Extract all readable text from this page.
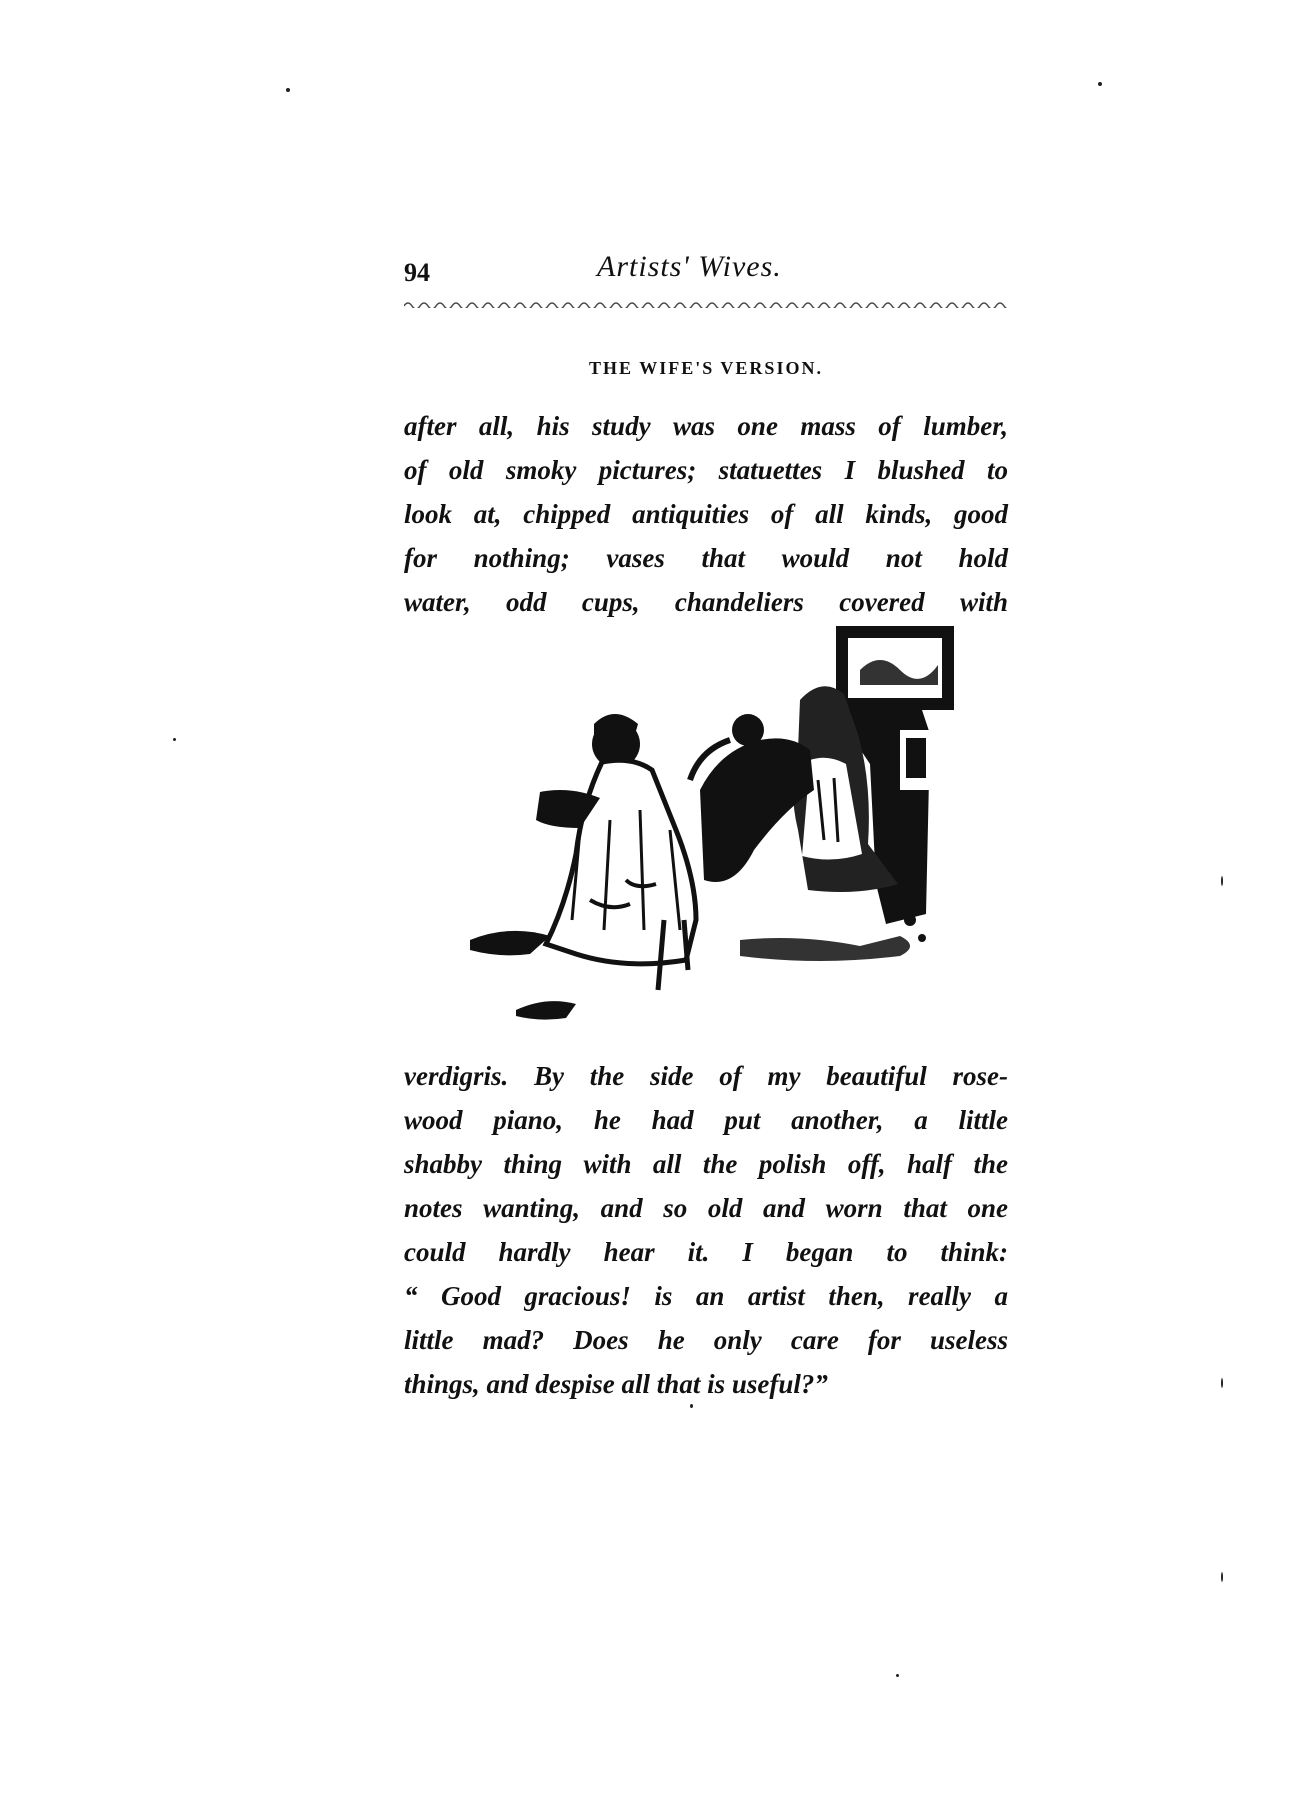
94	Artists' Wives.
THE WIFE'S VERSION.

after all, his study was one mass of lumber,
of old smoky pictures; statuettes I blushed to
look at, chipped antiquities of all kinds, good
for nothing; vases that would not hold
water, odd cups, chandeliers covered with

verdigris. By the side of my beautiful rose-
wood piano, he had put another, a little
shabby thing with all the polish off, half the
notes wanting, and so old and worn that one
could hardly hear it. I began to think:
“ Good gracious! is an artist then, really a
little mad? Does he only care for useless
things, and despise all that is useful?”
